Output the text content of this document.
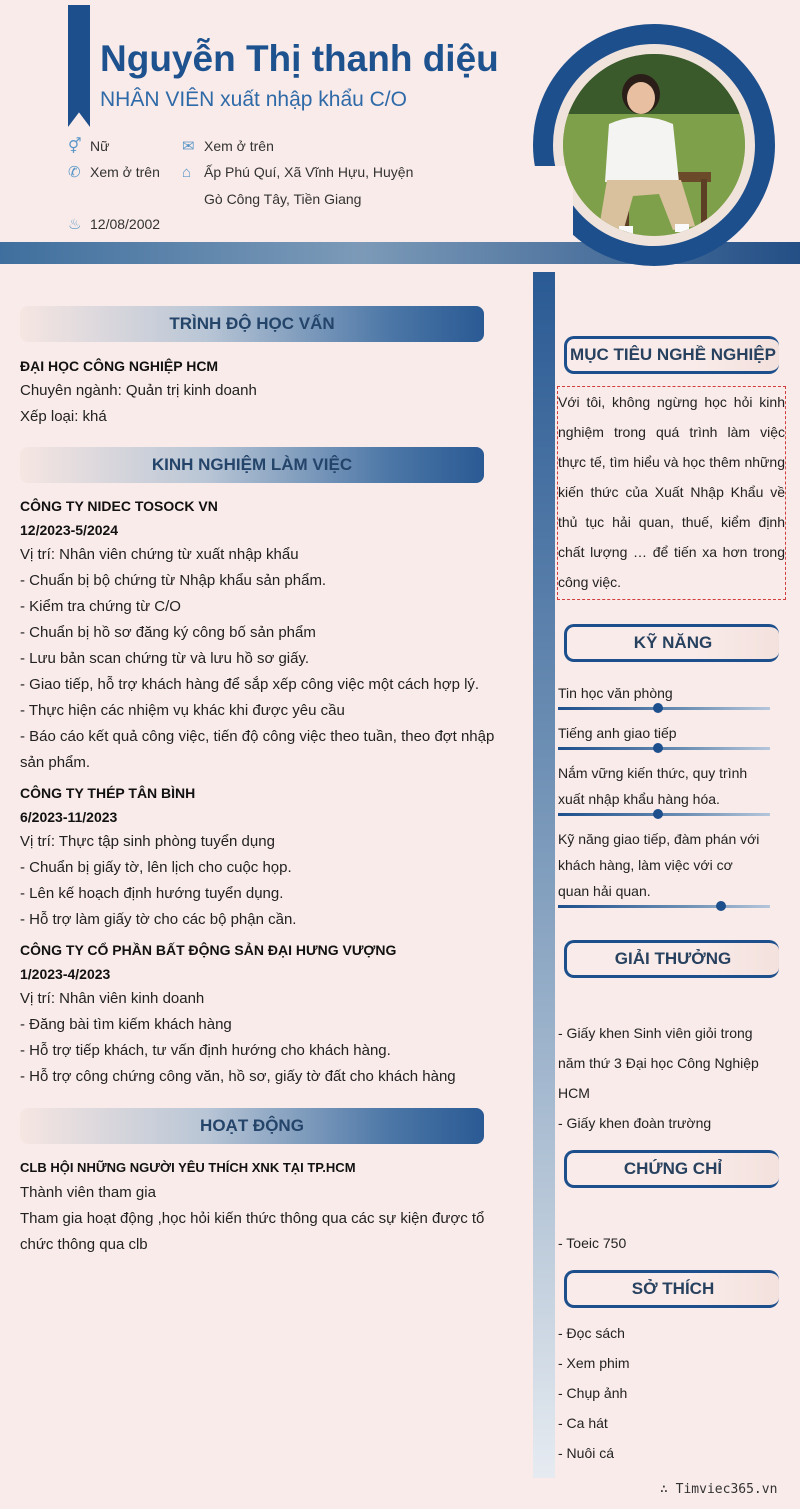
Nguyễn Thị thanh diệu
NHÂN VIÊN xuất nhập khẩu C/O
⚥ Nữ
✆ Xem ở trên
♨ 12/08/2002
✉ Xem ở trên
⌂ Ấp Phú Quí, Xã Vĩnh Hựu, Huyện
Gò Công Tây, Tiền Giang
TRÌNH ĐỘ HỌC VẤN
ĐẠI HỌC CÔNG NGHIỆP HCM
Chuyên ngành: Quản trị kinh doanh
Xếp loại: khá
KINH NGHIỆM LÀM VIỆC
CÔNG TY NIDEC TOSOCK VN
12/2023-5/2024
Vị trí: Nhân viên chứng từ xuất nhập khẩu
- Chuẩn bị bộ chứng từ Nhập khẩu sản phẩm.
- Kiểm tra chứng từ C/O
- Chuẩn bị hồ sơ đăng ký công bố sản phẩm
- Lưu bản scan chứng từ và lưu hồ sơ giấy.
- Giao tiếp, hỗ trợ khách hàng để sắp xếp công việc một cách hợp lý.
- Thực hiện các nhiệm vụ khác khi được yêu cầu
- Báo cáo kết quả công việc, tiến độ công việc theo tuần, theo đợt nhập
sản phẩm.
CÔNG TY THÉP TÂN BÌNH
6/2023-11/2023
Vị trí: Thực tập sinh phòng tuyển dụng
- Chuẩn bị giấy tờ, lên lịch cho cuộc họp.
- Lên kế hoạch định hướng tuyển dụng.
- Hỗ trợ làm giấy tờ cho các bộ phận cần.
CÔNG TY CỔ PHẦN BẤT ĐỘNG SẢN ĐẠI HƯNG VƯỢNG
1/2023-4/2023
Vị trí: Nhân viên kinh doanh
- Đăng bài tìm kiếm khách hàng
- Hỗ trợ tiếp khách, tư vấn định hướng cho khách hàng.
- Hỗ trợ công chứng công văn, hồ sơ, giấy tờ đất cho khách hàng
HOẠT ĐỘNG
CLB HỘI NHỮNG NGƯỜI YÊU THÍCH XNK TẠI TP.HCM
Thành viên tham gia
Tham gia hoạt động ,học hỏi kiến thức thông qua các sự kiện được tổ
chức thông qua clb
MỤC TIÊU NGHỀ NGHIỆP
Với tôi, không ngừng học hỏi kinh nghiệm trong quá trình làm việc thực tế, tìm hiểu và học thêm những kiến thức của Xuất Nhập Khẩu về thủ tục hải quan, thuế, kiểm định chất lượng … để tiến xa hơn trong công việc.
KỸ NĂNG
Tin học văn phòng
Tiếng anh giao tiếp
Nắm vững kiến thức, quy trình
xuất nhập khẩu hàng hóa.
Kỹ năng giao tiếp, đàm phán với
khách hàng, làm việc với cơ
quan hải quan.
GIẢI THƯỞNG
- Giấy khen Sinh viên giỏi trong
năm thứ 3 Đại học Công Nghiệp
HCM
- Giấy khen đoàn trường
CHỨNG CHỈ
- Toeic 750
SỞ THÍCH
- Đọc sách
- Xem phim
- Chụp ảnh
- Ca hát
- Nuôi cá
∴ Timviec365.vn
